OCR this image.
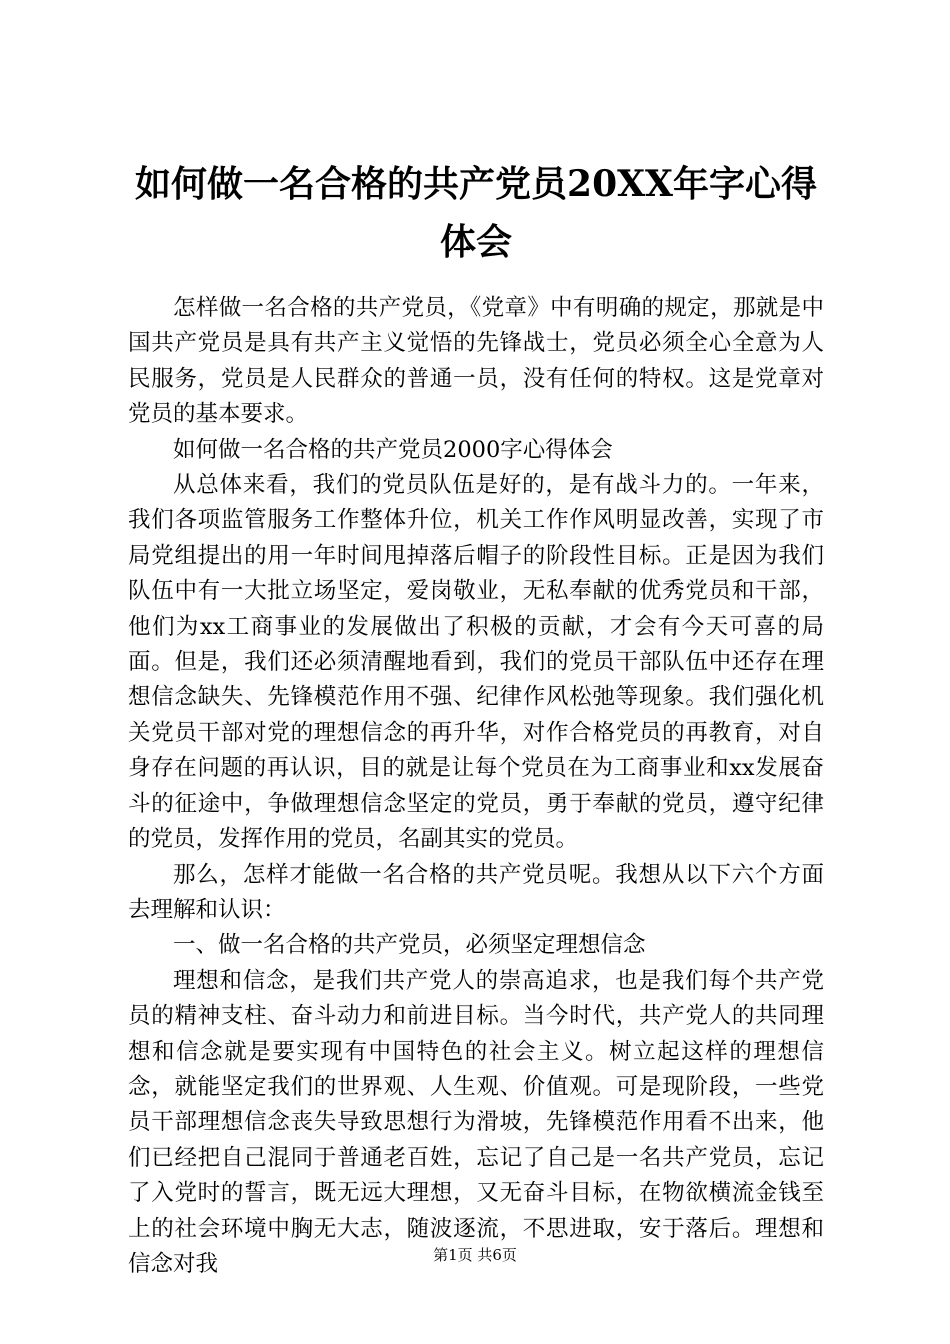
如何做一名合格的共产党员20XX年字心得体会

怎样做一名合格的共产党员，《党章》中有明确的规定，那就是中国共产党员是具有共产主义觉悟的先锋战士，党员必须全心全意为人民服务，党员是人民群众的普通一员，没有任何的特权。这是党章对党员的基本要求。

如何做一名合格的共产党员2000字心得体会

从总体来看，我们的党员队伍是好的，是有战斗力的。一年来，我们各项监管服务工作整体升位，机关工作作风明显改善，实现了市局党组提出的用一年时间甩掉落后帽子的阶段性目标。正是因为我们队伍中有一大批立场坚定，爱岗敬业，无私奉献的优秀党员和干部，他们为xx工商事业的发展做出了积极的贡献，才会有今天可喜的局面。但是，我们还必须清醒地看到，我们的党员干部队伍中还存在理想信念缺失、先锋模范作用不强、纪律作风松弛等现象。我们强化机关党员干部对党的理想信念的再升华，对作合格党员的再教育，对自身存在问题的再认识，目的就是让每个党员在为工商事业和xx发展奋斗的征途中，争做理想信念坚定的党员，勇于奉献的党员，遵守纪律的党员，发挥作用的党员，名副其实的党员。

那么，怎样才能做一名合格的共产党员呢。我想从以下六个方面去理解和认识：

一、做一名合格的共产党员，必须坚定理想信念

理想和信念，是我们共产党人的崇高追求，也是我们每个共产党员的精神支柱、奋斗动力和前进目标。当今时代，共产党人的共同理想和信念就是要实现有中国特色的社会主义。树立起这样的理想信念，就能坚定我们的世界观、人生观、价值观。可是现阶段，一些党员干部理想信念丧失导致思想行为滑坡，先锋模范作用看不出来，他们已经把自己混同于普通老百姓，忘记了自己是一名共产党员，忘记了入党时的誓言，既无远大理想，又无奋斗目标，在物欲横流金钱至上的社会环境中胸无大志，随波逐流，不思进取，安于落后。理想和信念对我	第1页 共6页
